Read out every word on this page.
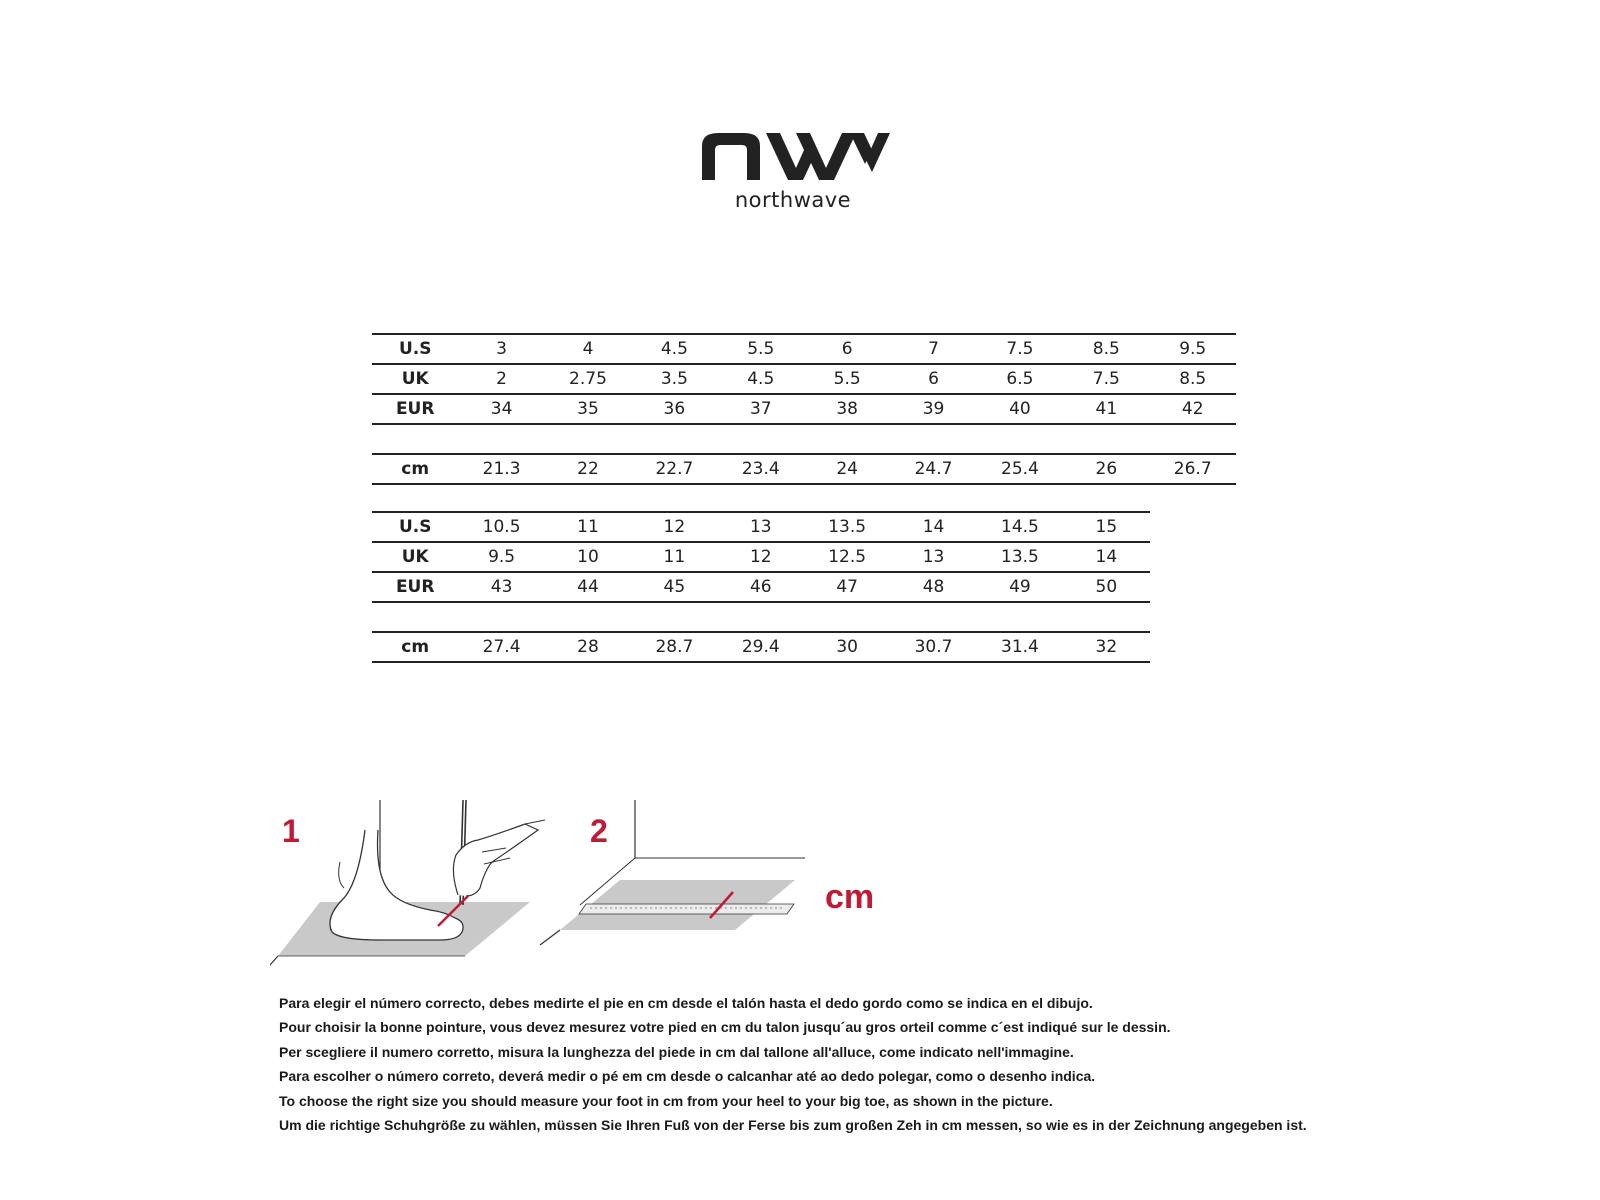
northwave
U.S	3	4	4.5	5.5	6	7	7.5	8.5	9.5
UK	2	2.75	3.5	4.5	5.5	6	6.5	7.5	8.5
EUR	34	35	36	37	38	39	40	41	42

cm	21.3	22	22.7	23.4	24	24.7	25.4	26	26.7
U.S	10.5	11	12	13	13.5	14	14.5	15
UK	9.5	10	11	12	12.5	13	13.5	14
EUR	43	44	45	46	47	48	49	50

cm	27.4	28	28.7	29.4	30	30.7	31.4	32
1	2
cm
Para elegir el número correcto, debes medirte el pie en cm desde el talón hasta el dedo gordo como se indica en el dibujo.
Pour choisir la bonne pointure, vous devez mesurez votre pied en cm du talon jusqu´au gros orteil comme c´est indiqué sur le dessin.
Per scegliere il numero corretto, misura la lunghezza del piede in cm dal tallone all'alluce, come indicato nell'immagine.
Para escolher o número correto, deverá medir o pé em cm desde o calcanhar até ao dedo polegar, como o desenho indica.
To choose the right size you should measure your foot in cm from your heel to your big toe, as shown in the picture.
Um die richtige Schuhgröße zu wählen, müssen Sie Ihren Fuß von der Ferse bis zum großen Zeh in cm messen, so wie es in der Zeichnung angegeben ist.
